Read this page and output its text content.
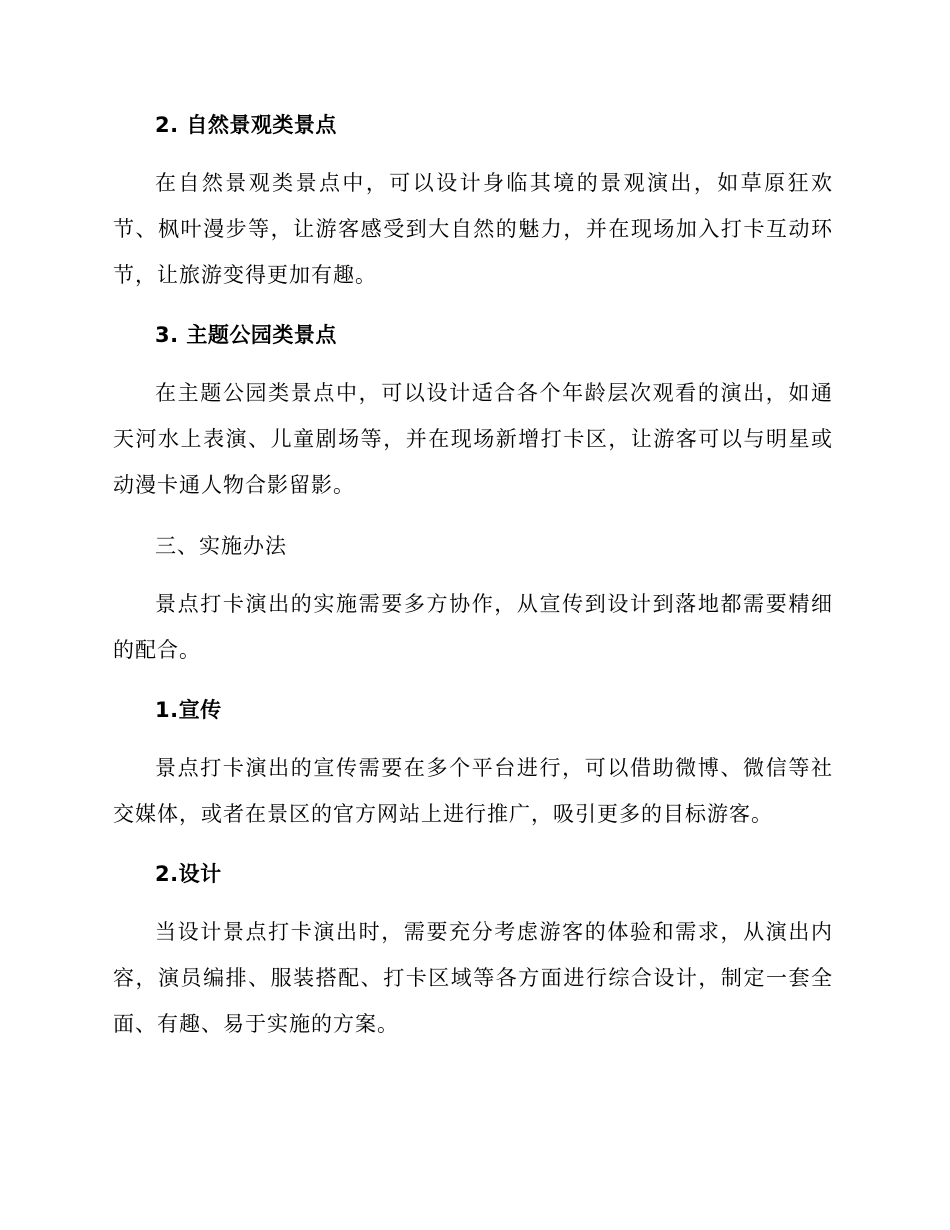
2. 自然景观类景点

在自然景观类景点中，可以设计身临其境的景观演出，如草原狂欢节、枫叶漫步等，让游客感受到大自然的魅力，并在现场加入打卡互动环节，让旅游变得更加有趣。

3. 主题公园类景点

在主题公园类景点中，可以设计适合各个年龄层次观看的演出，如通天河水上表演、儿童剧场等，并在现场新增打卡区，让游客可以与明星或动漫卡通人物合影留影。

三、实施办法

景点打卡演出的实施需要多方协作，从宣传到设计到落地都需要精细的配合。

1.宣传

景点打卡演出的宣传需要在多个平台进行，可以借助微博、微信等社交媒体，或者在景区的官方网站上进行推广，吸引更多的目标游客。

2.设计

当设计景点打卡演出时，需要充分考虑游客的体验和需求，从演出内容，演员编排、服装搭配、打卡区域等各方面进行综合设计，制定一套全面、有趣、易于实施的方案。
